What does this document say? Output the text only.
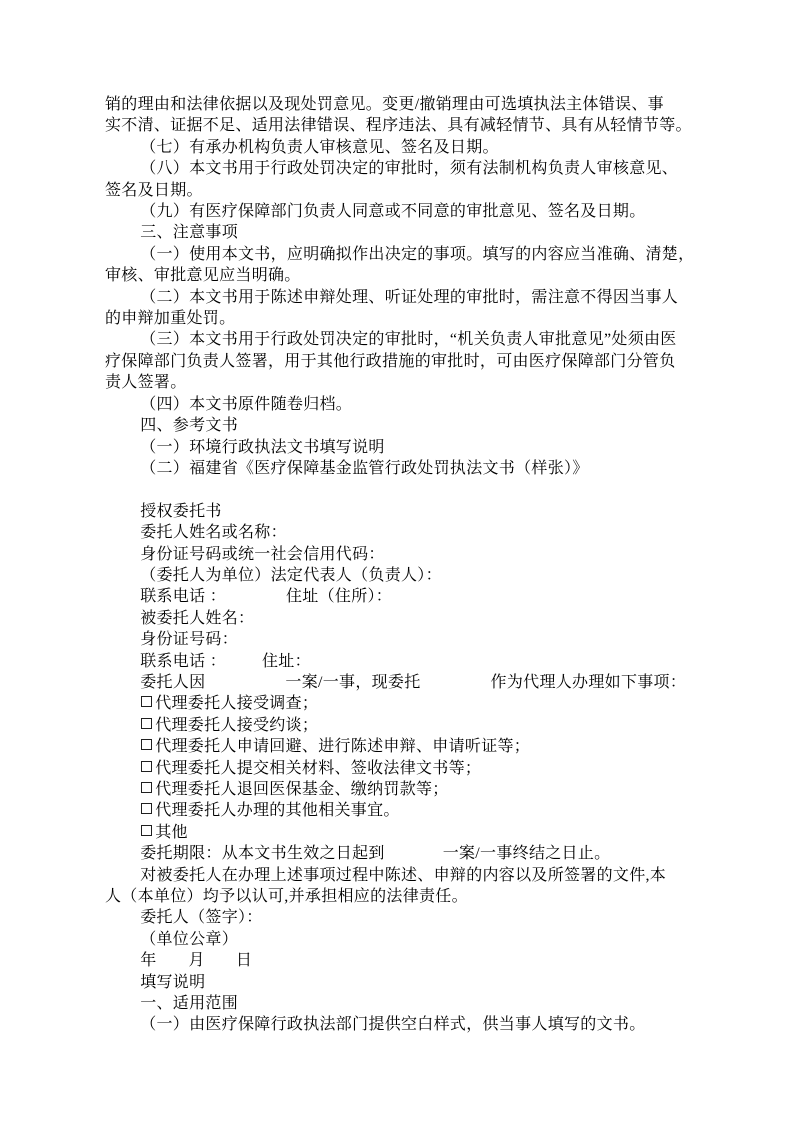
销的理由和法律依据以及现处罚意见。变更/撤销理由可选填执法主体错误、事
实不清、证据不足、适用法律错误、程序违法、具有减轻情节、具有从轻情节等。
（七）有承办机构负责人审核意见、签名及日期。
（八）本文书用于行政处罚决定的审批时，须有法制机构负责人审核意见、
签名及日期。
（九）有医疗保障部门负责人同意或不同意的审批意见、签名及日期。
三、注意事项
（一）使用本文书，应明确拟作出决定的事项。填写的内容应当准确、清楚，
审核、审批意见应当明确。
（二）本文书用于陈述申辩处理、听证处理的审批时，需注意不得因当事人
的申辩加重处罚。
（三）本文书用于行政处罚决定的审批时，“机关负责人审批意见”处须由医
疗保障部门负责人签署，用于其他行政措施的审批时，可由医疗保障部门分管负
责人签署。
（四）本文书原件随卷归档。
四、参考文书
（一）环境行政执法文书填写说明
（二）福建省《医疗保障基金监管行政处罚执法文书（样张）》

授权委托书
委托人姓名或名称：
身份证号码或统一社会信用代码：
（委托人为单位）法定代表人（负责人）：
联系电话 ：	住址（住所）：
被委托人姓名：
身份证号码：
联系电话 ： 住址：
委托人因	一案/一事，现委托	作为代理人办理如下事项：
代理委托人接受调查；
代理委托人接受约谈；
代理委托人申请回避、进行陈述申辩、申请听证等；
代理委托人提交相关材料、签收法律文书等；
代理委托人退回医保基金、缴纳罚款等；
代理委托人办理的其他相关事宜。
其他
委托期限：从本文书生效之日起到	一案/一事终结之日止。
对被委托人在办理上述事项过程中陈述、申辩的内容以及所签署的文件,本
人（本单位）均予以认可,并承担相应的法律责任。
委托人（签字）：
（单位公章）
年 月 日
填写说明
一、适用范围
（一）由医疗保障行政执法部门提供空白样式，供当事人填写的文书。
